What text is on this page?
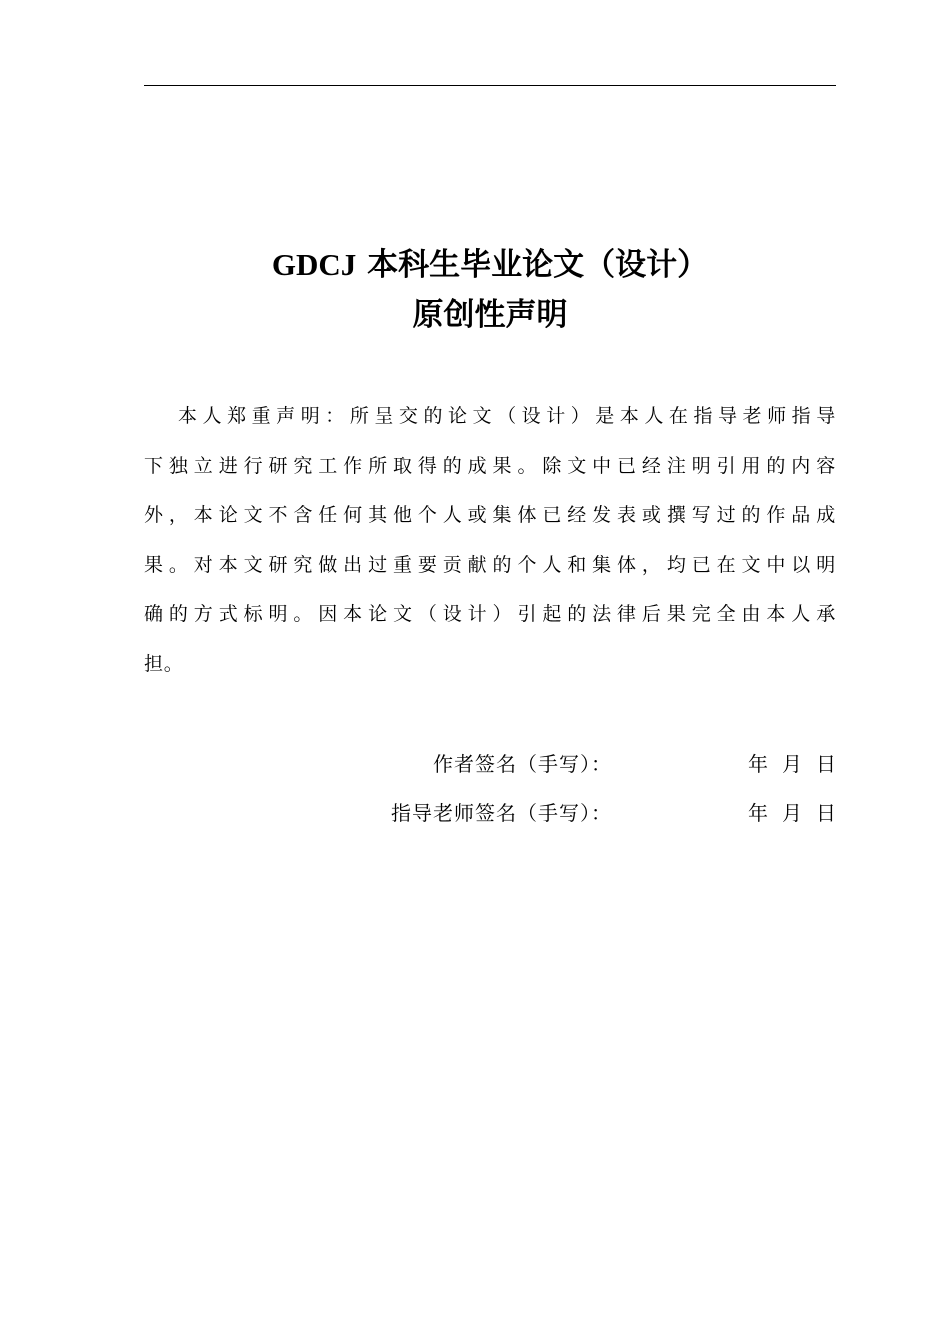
GDCJ 本科生毕业论文（设计）
原创性声明
本人郑重声明：所呈交的论文（设计）是本人在指导老师指导
下独立进行研究工作所取得的成果。除文中已经注明引用的内容
外，本论文不含任何其他个人或集体已经发表或撰写过的作品成
果。对本文研究做出过重要贡献的个人和集体，均已在文中以明
确的方式标明。因本论文（设计）引起的法律后果完全由本人承
担。
作者签名（手写）：	年 月 日
指导老师签名（手写）：	年 月 日
